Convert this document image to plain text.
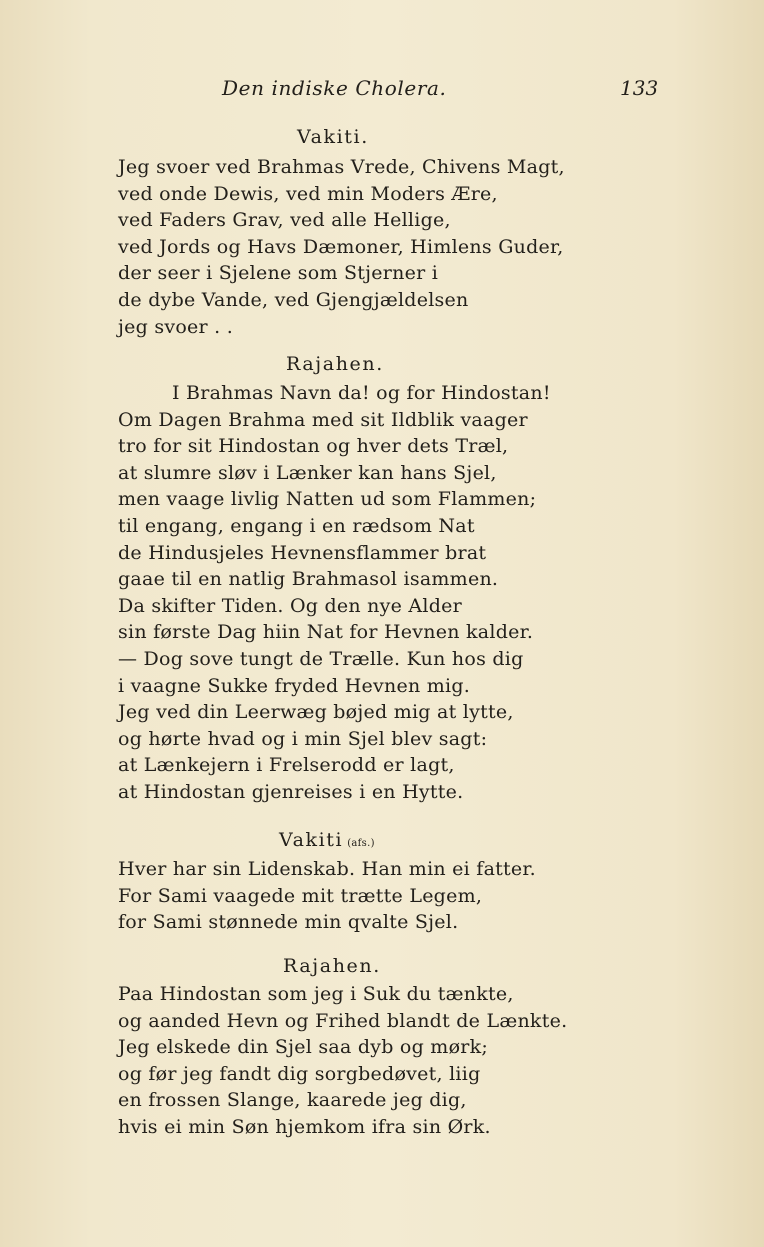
Den indiske Cholera.	133
Vakiti.
Jeg svoer ved Brahmas Vrede, Chivens Magt,
ved onde Dewis, ved min Moders Ære,
ved Faders Grav, ved alle Hellige,
ved Jords og Havs Dæmoner, Himlens Guder,
der seer i Sjelene som Stjerner i
de dybe Vande, ved Gjengjældelsen
jeg svoer . .
Rajahen.
I Brahmas Navn da! og for Hindostan!
Om Dagen Brahma med sit Ildblik vaager
tro for sit Hindostan og hver dets Træl,
at slumre sløv i Lænker kan hans Sjel,
men vaage livlig Natten ud som Flammen;
til engang, engang i en rædsom Nat
de Hindusjeles Hevnensflammer brat
gaae til en natlig Brahmasol isammen.
Da skifter Tiden. Og den nye Alder
sin første Dag hiin Nat for Hevnen kalder.
— Dog sove tungt de Trælle. Kun hos dig
i vaagne Sukke fryded Hevnen mig.
Jeg ved din Leerwæg bøjed mig at lytte,
og hørte hvad og i min Sjel blev sagt:
at Lænkejern i Frelserodd er lagt,
at Hindostan gjenreises i en Hytte.
Vakiti (afs.)
Hver har sin Lidenskab. Han min ei fatter.
For Sami vaagede mit trætte Legem,
for Sami stønnede min qvalte Sjel.
Rajahen.
Paa Hindostan som jeg i Suk du tænkte,
og aanded Hevn og Frihed blandt de Lænkte.
Jeg elskede din Sjel saa dyb og mørk;
og før jeg fandt dig sorgbedøvet, liig
en frossen Slange, kaarede jeg dig,
hvis ei min Søn hjemkom ifra sin Ørk.
